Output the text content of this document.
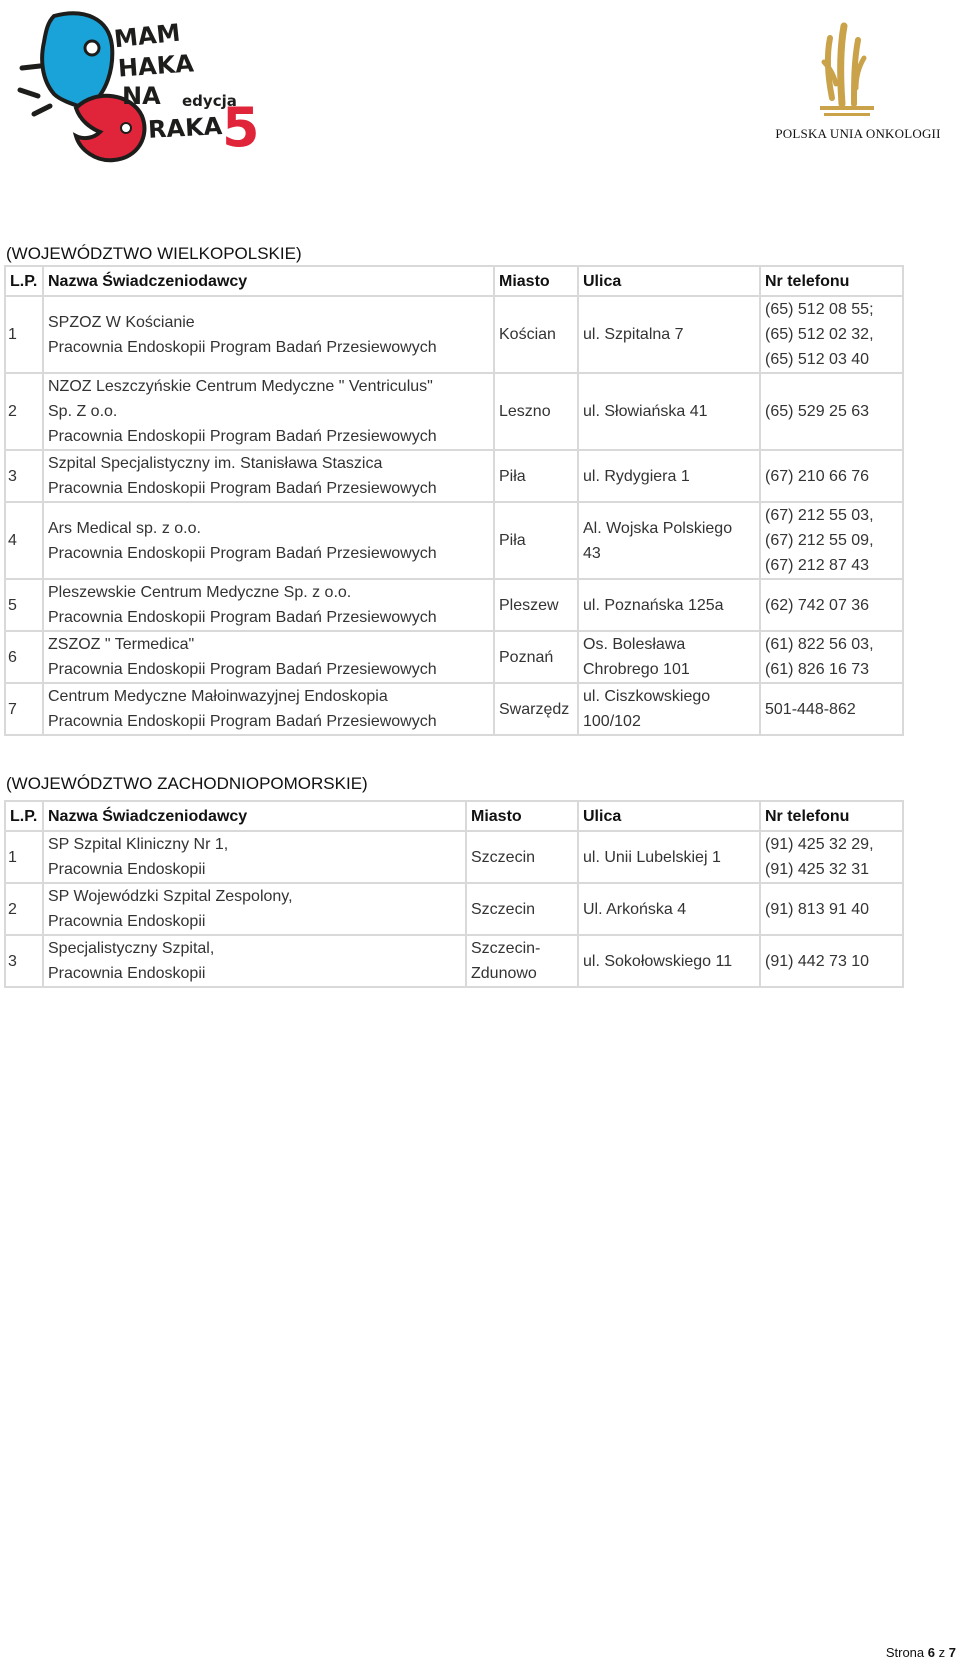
MAM
HAKA
NA edycja
RAKA 5	POLSKA UNIA ONKOLOGII
(WOJEWÓDZTWO WIELKOPOLSKIE)
L.P.	Nazwa Świadczeniodawcy	Miasto	Ulica	Nr telefonu
1	SPZOZ W Kościanie
Pracownia Endoskopii Program Badań Przesiewowych	Kościan	ul. Szpitalna 7	(65) 512 08 55;
(65) 512 02 32,
(65) 512 03 40

2	NZOZ Leszczyńskie Centrum Medyczne " Ventriculus"
Sp. Z o.o.
Pracownia Endoskopii Program Badań Przesiewowych	Leszno	ul. Słowiańska 41	(65) 529 25 63

3	Szpital Specjalistyczny im. Stanisława Staszica
Pracownia Endoskopii Program Badań Przesiewowych	Piła	ul. Rydygiera 1	(67) 210 66 76

4	Ars Medical sp. z o.o.
Pracownia Endoskopii Program Badań Przesiewowych	Piła	Al. Wojska Polskiego
43	(67) 212 55 03,
(67) 212 55 09,
(67) 212 87 43

5	Pleszewskie Centrum Medyczne Sp. z o.o.
Pracownia Endoskopii Program Badań Przesiewowych	Pleszew	ul. Poznańska 125a	(62) 742 07 36

6	ZSZOZ " Termedica"
Pracownia Endoskopii Program Badań Przesiewowych	Poznań	Os. Bolesława
Chrobrego 101	(61) 822 56 03,
(61) 826 16 73

7	Centrum Medyczne Małoinwazyjnej Endoskopia
Pracownia Endoskopii Program Badań Przesiewowych	Swarzędz	ul. Ciszkowskiego
100/102	501-448-862
(WOJEWÓDZTWO ZACHODNIOPOMORSKIE)
L.P.	Nazwa Świadczeniodawcy	Miasto	Ulica	Nr telefonu
1	SP Szpital Kliniczny Nr 1,
Pracownia Endoskopii	Szczecin	ul. Unii Lubelskiej 1	(91) 425 32 29,
(91) 425 32 31

2	SP Wojewódzki Szpital Zespolony,
Pracownia Endoskopii	Szczecin	Ul. Arkońska 4	(91) 813 91 40

3	Specjalistyczny Szpital,
Pracownia Endoskopii	Szczecin-
Zdunowo	ul. Sokołowskiego 11	(91) 442 73 10
Strona 6 z 7
